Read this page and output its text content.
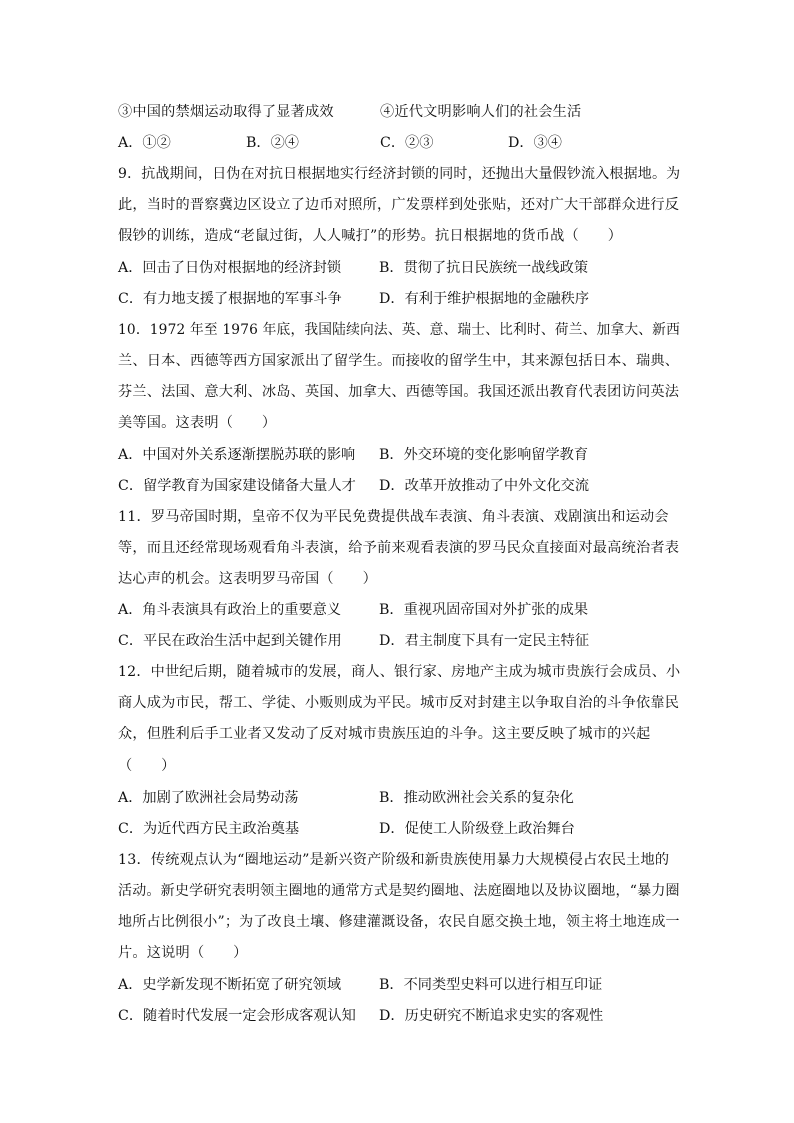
③中国的禁烟运动取得了显著成效	④近代文明影响人们的社会生活
A．①②	B．②④	C．②③	D．③④
9．抗战期间，日伪在对抗日根据地实行经济封锁的同时，还抛出大量假钞流入根据地。为
此，当时的晋察冀边区设立了边币对照所，广发票样到处张贴，还对广大干部群众进行反
假钞的训练，造成“老鼠过街，人人喊打”的形势。抗日根据地的货币战（　　）
A．回击了日伪对根据地的经济封锁	B．贯彻了抗日民族统一战线政策
C．有力地支援了根据地的军事斗争	D．有利于维护根据地的金融秩序
10．1972 年至 1976 年底，我国陆续向法、英、意、瑞士、比利时、荷兰、加拿大、新西
兰、日本、西德等西方国家派出了留学生。而接收的留学生中，其来源包括日本、瑞典、
芬兰、法国、意大利、冰岛、英国、加拿大、西德等国。我国还派出教育代表团访问英法
美等国。这表明（　　）
A．中国对外关系逐渐摆脱苏联的影响 B．外交环境的变化影响留学教育
C．留学教育为国家建设储备大量人才 D．改革开放推动了中外文化交流
11．罗马帝国时期，皇帝不仅为平民免费提供战车表演、角斗表演、戏剧演出和运动会
等，而且还经常现场观看角斗表演，给予前来观看表演的罗马民众直接面对最高统治者表
达心声的机会。这表明罗马帝国（　　）
A．角斗表演具有政治上的重要意义	B．重视巩固帝国对外扩张的成果
C．平民在政治生活中起到关键作用	D．君主制度下具有一定民主特征
12．中世纪后期，随着城市的发展，商人、银行家、房地产主成为城市贵族行会成员、小
商人成为市民，帮工、学徒、小贩则成为平民。城市反对封建主以争取自治的斗争依靠民
众，但胜利后手工业者又发动了反对城市贵族压迫的斗争。这主要反映了城市的兴起
（　　）
A．加剧了欧洲社会局势动荡	B．推动欧洲社会关系的复杂化
C．为近代西方民主政治奠基	D．促使工人阶级登上政治舞台
13．传统观点认为“圈地运动”是新兴资产阶级和新贵族使用暴力大规模侵占农民土地的
活动。新史学研究表明领主圈地的通常方式是契约圈地、法庭圈地以及协议圈地，“暴力圈
地所占比例很小”；为了改良土壤、修建灌溉设备，农民自愿交换土地，领主将土地连成一
片。这说明（　　）
A．史学新发现不断拓宽了研究领域	B．不同类型史料可以进行相互印证
C．随着时代发展一定会形成客观认知 D．历史研究不断追求史实的客观性
